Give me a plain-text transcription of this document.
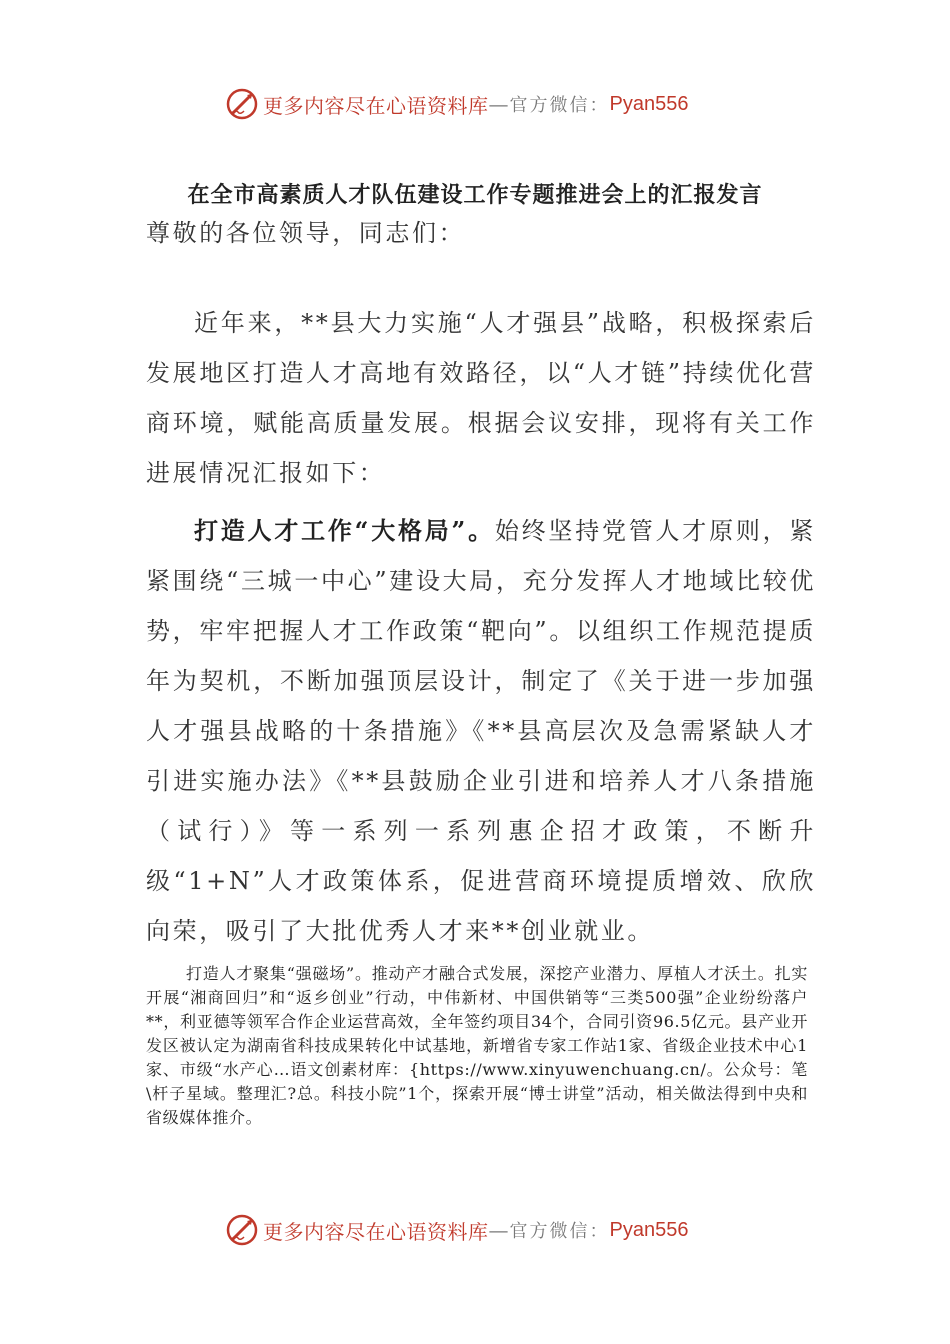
更多内容尽在心语资料库 — 官方微信： Pyan556
在全市高素质人才队伍建设工作专题推进会上的汇报发言
尊敬的各位领导，同志们：
近年来，**县大力实施“人才强县”战略，积极探索后发展地区打造人才高地有效路径，以“人才链”持续优化营商环境，赋能高质量发展。根据会议安排，现将有关工作进展情况汇报如下：
打造人才工作“大格局”。始终坚持党管人才原则，紧紧围绕“三城一中心”建设大局，充分发挥人才地域比较优势，牢牢把握人才工作政策“靶向”。以组织工作规范提质年为契机，不断加强顶层设计，制定了《关于进一步加强人才强县战略的十条措施》《**县高层次及急需紧缺人才引进实施办法》《**县鼓励企业引进和培养人才八条措施（试行）》等一系列一系列惠企招才政策，不断升级“1+N”人才政策体系，促进营商环境提质增效、欣欣向荣，吸引了大批优秀人才来**创业就业。
打造人才聚集“强磁场”。推动产才融合式发展，深挖产业潜力、厚植人才沃土。扎实开展“湘商回归”和“返乡创业”行动，中伟新材、中国供销等“三类500强”企业纷纷落户**，利亚德等领军合作企业运营高效，全年签约项目34个，合同引资96.5亿元。县产业开发区被认定为湖南省科技成果转化中试基地，新增省专家工作站1家、省级企业技术中心1家、市级“水产心…语文创素材库：{https://www.xinyuwenchuang.cn/。公众号：笔\杆子星域。整理汇?总。科技小院”1个，探索开展“博士讲堂”活动，相关做法得到中央和省级媒体推介。
更多内容尽在心语资料库 — 官方微信： Pyan556
